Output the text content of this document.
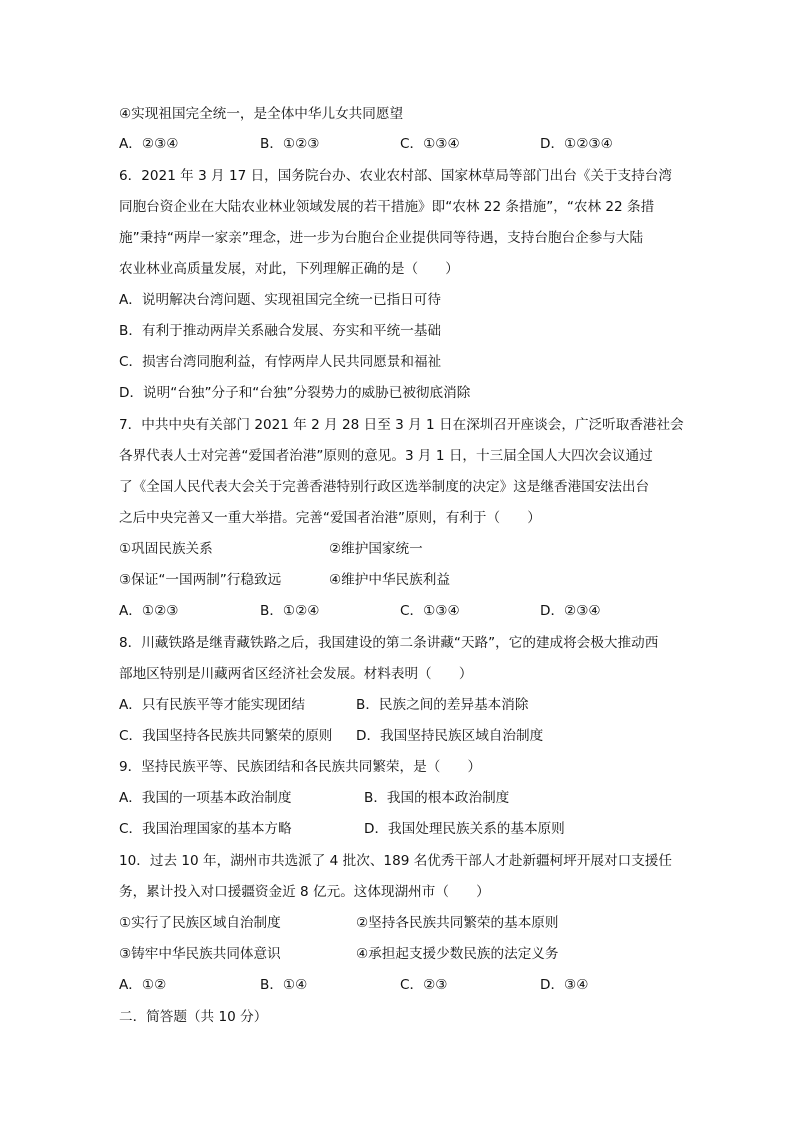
④实现祖国完全统一，是全体中华儿女共同愿望
A．②③④	B．①②③	C．①③④	D．①②③④
6．2021 年 3 月 17 日，国务院台办、农业农村部、国家林草局等部门出台《关于支持台湾
同胞台资企业在大陆农业林业领域发展的若干措施》即“农林 22 条措施”，“农林 22 条措
施”秉持“两岸一家亲”理念，进一步为台胞台企业提供同等待遇，支持台胞台企参与大陆
农业林业高质量发展，对此，下列理解正确的是（　　）
A．说明解决台湾问题、实现祖国完全统一已指日可待
B．有利于推动两岸关系融合发展、夯实和平统一基础
C．损害台湾同胞利益，有悖两岸人民共同愿景和福祉
D．说明“台独”分子和“台独”分裂势力的威胁已被彻底消除
7．中共中央有关部门 2021 年 2 月 28 日至 3 月 1 日在深圳召开座谈会，广泛听取香港社会
各界代表人士对完善“爱国者治港”原则的意见。3 月 1 日，十三届全国人大四次会议通过
了《全国人民代表大会关于完善香港特别行政区选举制度的决定》这是继香港国安法出台
之后中央完善又一重大举措。完善“爱国者治港”原则，有利于（　　）
①巩固民族关系	②维护国家统一
③保证“一国两制”行稳致远	④维护中华民族利益
A．①②③	B．①②④	C．①③④	D．②③④
8．川藏铁路是继青藏铁路之后，我国建设的第二条讲藏“天路”，它的建成将会极大推动西
部地区特别是川藏两省区经济社会发展。材料表明（　　）
A．只有民族平等才能实现团结	B．民族之间的差异基本消除
C．我国坚持各民族共同繁荣的原则 D．我国坚持民族区域自治制度
9．坚持民族平等、民族团结和各民族共同繁荣，是（　　）
A．我国的一项基本政治制度	B．我国的根本政治制度
C．我国治理国家的基本方略	D．我国处理民族关系的基本原则
10．过去 10 年，湖州市共选派了 4 批次、189 名优秀干部人才赴新疆柯坪开展对口支援任
务，累计投入对口援疆资金近 8 亿元。这体现湖州市（　　）
①实行了民族区域自治制度	②坚持各民族共同繁荣的基本原则
③铸牢中华民族共同体意识	④承担起支援少数民族的法定义务
A．①②	B．①④	C．②③	D．③④
二．简答题（共 10 分）
